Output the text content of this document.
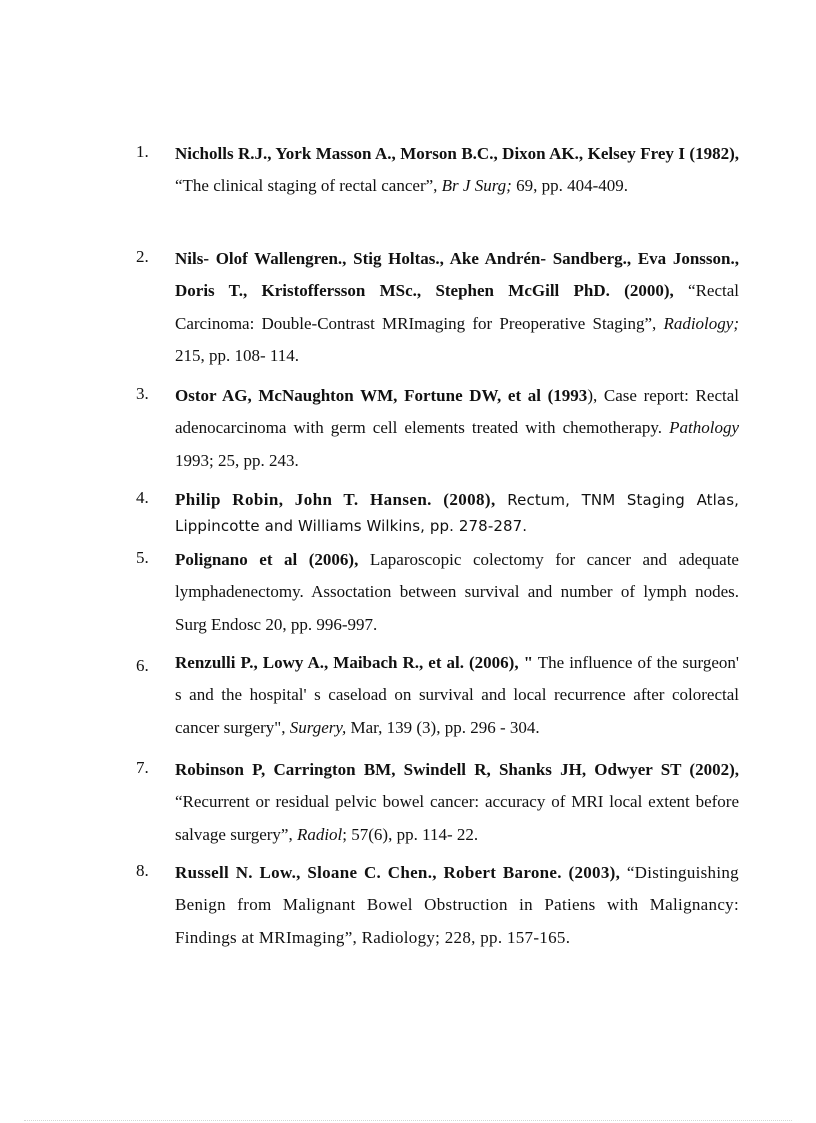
1. Nicholls R.J., York Masson A., Morson B.C., Dixon AK., Kelsey Frey I (1982), “The clinical staging of rectal cancer”, Br J Surg; 69, pp. 404-409.
2. Nils- Olof Wallengren., Stig Holtas., Ake Andrén- Sandberg., Eva Jonsson., Doris T., Kristoffersson MSc., Stephen McGill PhD. (2000), “Rectal Carcinoma: Double-Contrast MRImaging for Preoperative Staging”, Radiology; 215, pp. 108- 114.
3. Ostor AG, McNaughton WM, Fortune DW, et al (1993), Case report: Rectal adenocarcinoma with germ cell elements treated with chemotherapy. Pathology 1993; 25, pp. 243.
4. Philip Robin, John T. Hansen. (2008), Rectum, TNM Staging Atlas, Lippincotte and Williams Wilkins, pp. 278-287.
5. Polignano et al (2006), Laparoscopic colectomy for cancer and adequate lymphadenectomy. Assoctation between survival and number of lymph nodes. Surg Endosc 20, pp. 996-997.
6. Renzulli P., Lowy A., Maibach R., et al. (2006), " The influence of the surgeon' s and the hospital' s caseload on survival and local recurrence after colorectal cancer surgery", Surgery, Mar, 139 (3), pp. 296 - 304.
7. Robinson P, Carrington BM, Swindell R, Shanks JH, Odwyer ST (2002), “Recurrent or residual pelvic bowel cancer: accuracy of MRI local extent before salvage surgery”, Radiol; 57(6), pp. 114- 22.
8. Russell N. Low., Sloane C. Chen., Robert Barone. (2003), “Distinguishing Benign from Malignant Bowel Obstruction in Patiens with Malignancy: Findings at MRImaging”, Radiology; 228, pp. 157-165.
